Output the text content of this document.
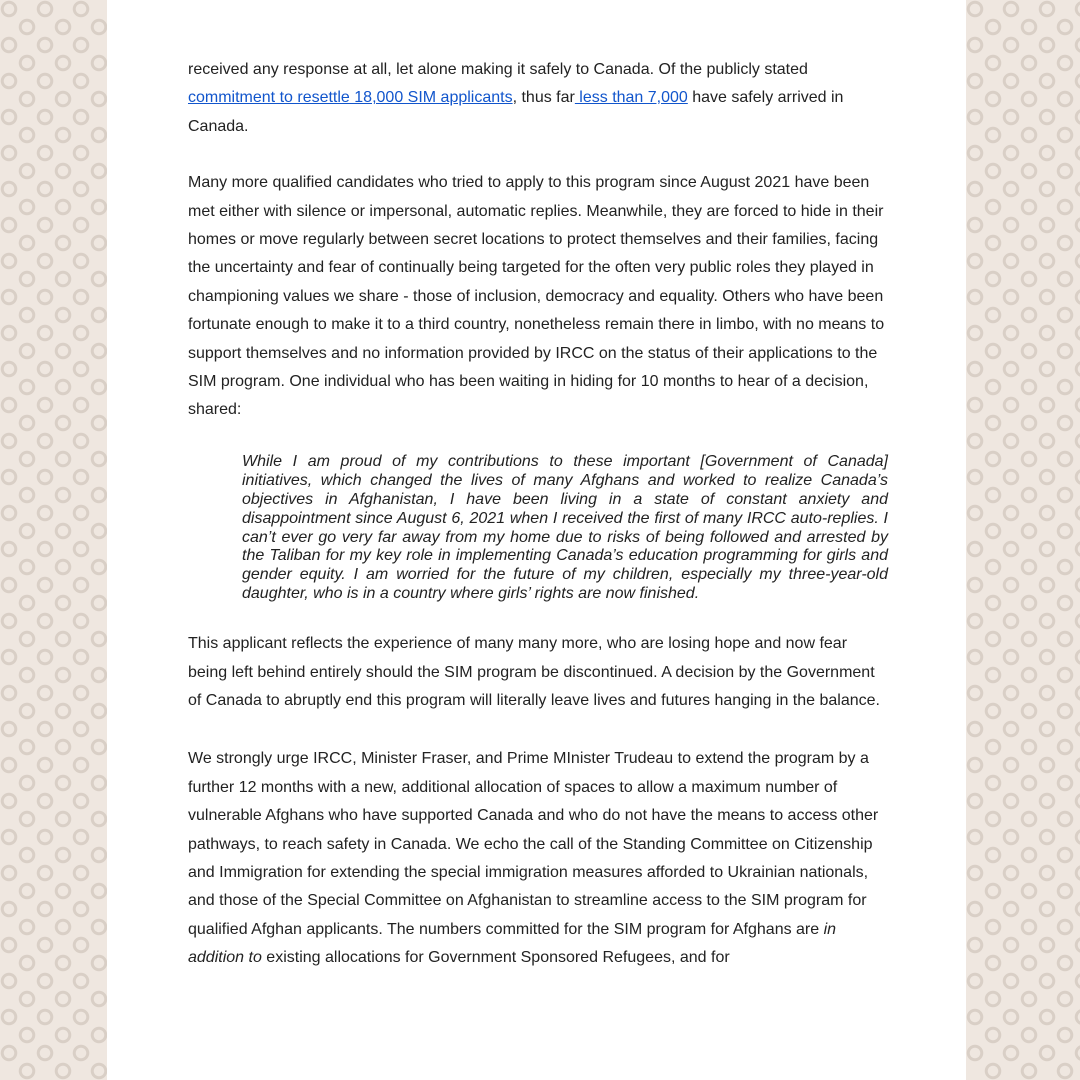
received any response at all, let alone making it safely to Canada. Of the publicly stated commitment to resettle 18,000 SIM applicants, thus far less than 7,000 have safely arrived in Canada.

Many more qualified candidates who tried to apply to this program since August 2021 have been met either with silence or impersonal, automatic replies. Meanwhile, they are forced to hide in their homes or move regularly between secret locations to protect themselves and their families, facing the uncertainty and fear of continually being targeted for the often very public roles they played in championing values we share - those of inclusion, democracy and equality. Others who have been fortunate enough to make it to a third country, nonetheless remain there in limbo, with no means to support themselves and no information provided by IRCC on the status of their applications to the SIM program. One individual who has been waiting in hiding for 10 months to hear of a decision, shared:

While I am proud of my contributions to these important [Government of Canada] initiatives, which changed the lives of many Afghans and worked to realize Canada’s objectives in Afghanistan, I have been living in a state of constant anxiety and disappointment since August 6, 2021 when I received the first of many IRCC auto-replies. I can’t ever go very far away from my home due to risks of being followed and arrested by the Taliban for my key role in implementing Canada’s education programming for girls and gender equity. I am worried for the future of my children, especially my three-year-old daughter, who is in a country where girls’ rights are now finished.

This applicant reflects the experience of many many more, who are losing hope and now fear being left behind entirely should the SIM program be discontinued. A decision by the Government of Canada to abruptly end this program will literally leave lives and futures hanging in the balance.

We strongly urge IRCC, Minister Fraser, and Prime MInister Trudeau to extend the program by a further 12 months with a new, additional allocation of spaces to allow a maximum number of vulnerable Afghans who have supported Canada and who do not have the means to access other pathways, to reach safety in Canada. We echo the call of the Standing Committee on Citizenship and Immigration for extending the special immigration measures afforded to Ukrainian nationals, and those of the Special Committee on Afghanistan to streamline access to the SIM program for qualified Afghan applicants. The numbers committed for the SIM program for Afghans are in addition to existing allocations for Government Sponsored Refugees, and for
